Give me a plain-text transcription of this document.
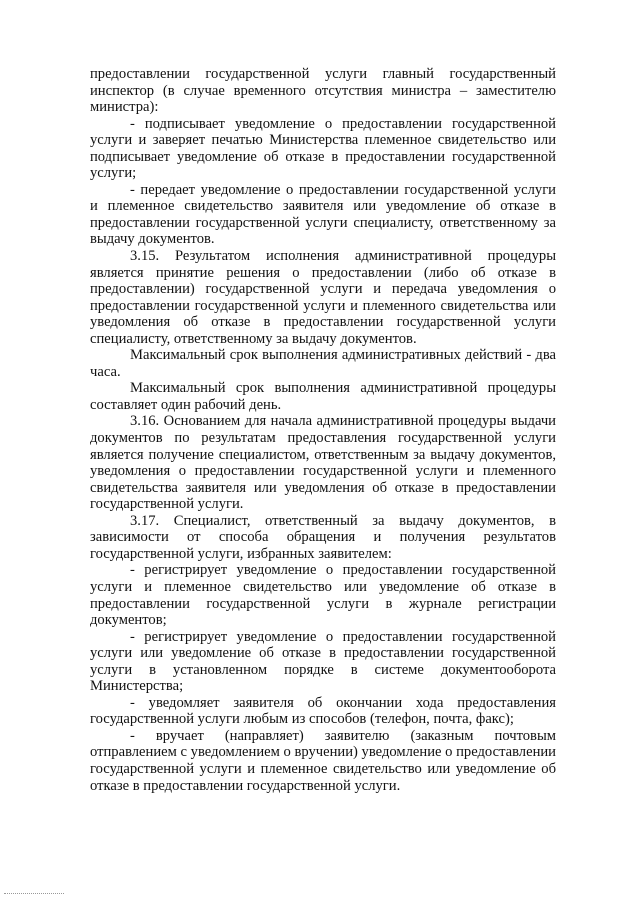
предоставлении государственной услуги главный государственный инспектор (в случае временного отсутствия министра – заместителю министра):

- подписывает уведомление о предоставлении государственной услуги и заверяет печатью Министерства племенное свидетельство или подписывает уведомление об отказе в предоставлении государственной услуги;

- передает уведомление о предоставлении государственной услуги и племенное свидетельство заявителя или уведомление об отказе в предоставлении государственной услуги специалисту, ответственному за выдачу документов.

3.15. Результатом исполнения административной процедуры является принятие решения о предоставлении (либо об отказе в предоставлении) государственной услуги и передача уведомления о предоставлении государственной услуги и племенного свидетельства или уведомления об отказе в предоставлении государственной услуги специалисту, ответственному за выдачу документов.

Максимальный срок выполнения административных действий - два часа.

Максимальный срок выполнения административной процедуры составляет один рабочий день.

3.16. Основанием для начала административной процедуры выдачи документов по результатам предоставления государственной услуги является получение специалистом, ответственным за выдачу документов, уведомления о предоставлении государственной услуги и племенного свидетельства заявителя или уведомления об отказе в предоставлении государственной услуги.

3.17. Специалист, ответственный за выдачу документов, в зависимости от способа обращения и получения результатов государственной услуги, избранных заявителем:

- регистрирует уведомление о предоставлении государственной услуги и племенное свидетельство или уведомление об отказе в предоставлении государственной услуги в журнале регистрации документов;

- регистрирует уведомление о предоставлении государственной услуги или уведомление об отказе в предоставлении государственной услуги в установленном порядке в системе документооборота Министерства;

- уведомляет заявителя об окончании хода предоставления государственной услуги любым из способов (телефон, почта, факс);

- вручает (направляет) заявителю (заказным почтовым отправлением с уведомлением о вручении) уведомление о предоставлении государственной услуги и племенное свидетельство или уведомление об отказе в предоставлении государственной услуги.
